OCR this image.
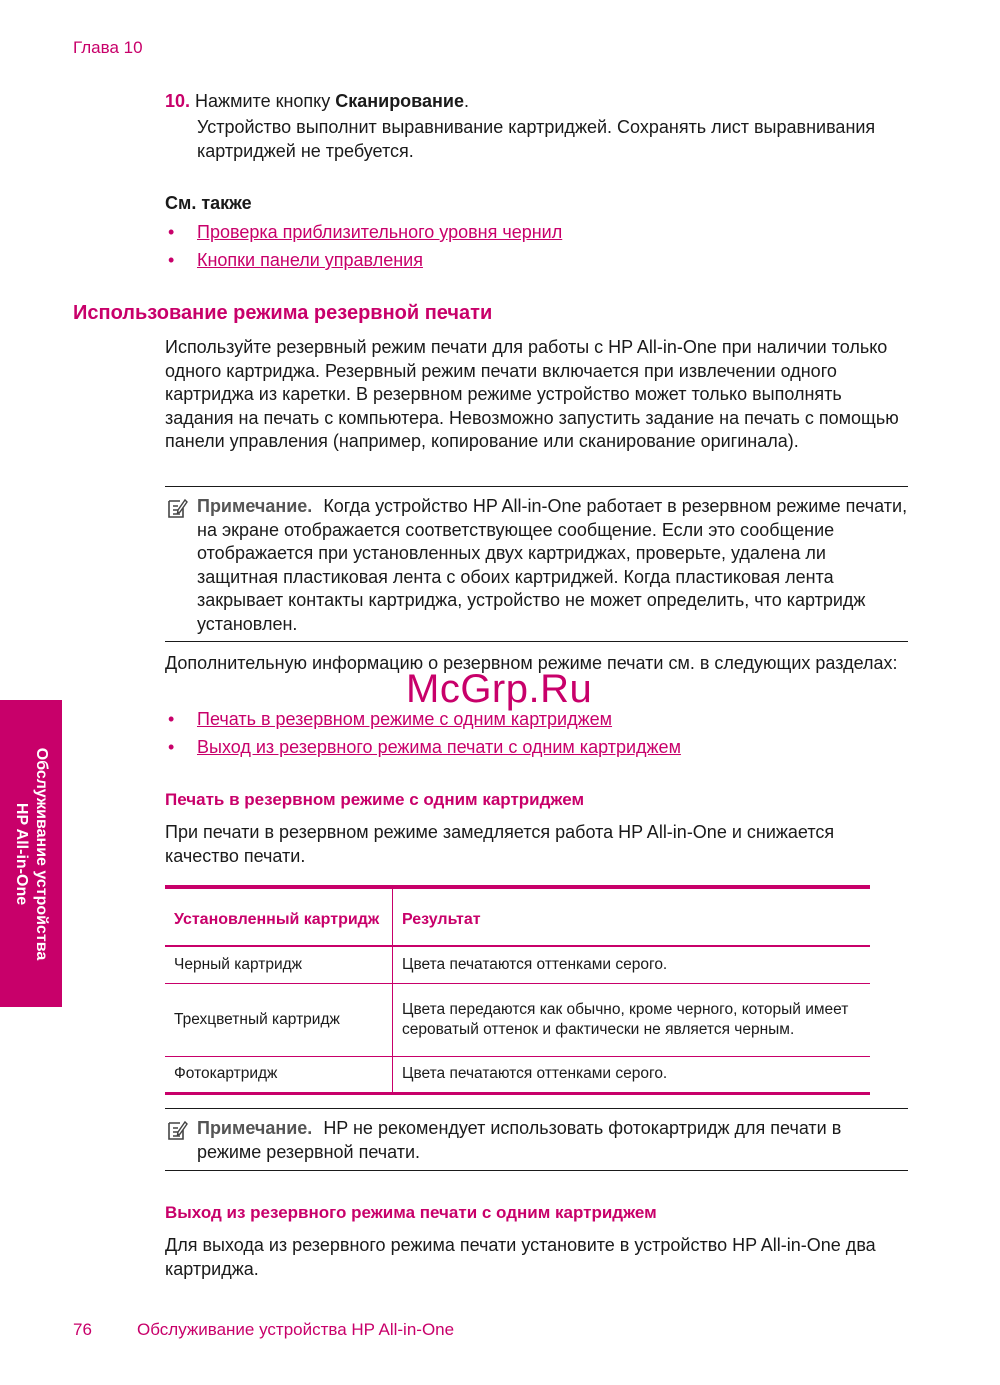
Глава 10
10. Нажмите кнопку Сканирование.
Устройство выполнит выравнивание картриджей. Сохранять лист выравнивания картриджей не требуется.
См. также
• Проверка приблизительного уровня чернил
• Кнопки панели управления
Использование режима резервной печати
Используйте резервный режим печати для работы с HP All-in-One при наличии только одного картриджа. Резервный режим печати включается при извлечении одного картриджа из каретки. В резервном режиме устройство может только выполнять задания на печать с компьютера. Невозможно запустить задание на печать с помощью панели управления (например, копирование или сканирование оригинала).
Примечание. Когда устройство HP All-in-One работает в резервном режиме печати, на экране отображается соответствующее сообщение. Если это сообщение отображается при установленных двух картриджах, проверьте, удалена ли защитная пластиковая лента с обоих картриджей. Когда пластиковая лента закрывает контакты картриджа, устройство не может определить, что картридж установлен.
Дополнительную информацию о резервном режиме печати см. в следующих разделах:
• Печать в резервном режиме с одним картриджем
• Выход из резервного режима печати с одним картриджем
McGrp.Ru
Печать в резервном режиме с одним картриджем
При печати в резервном режиме замедляется работа HP All-in-One и снижается качество печати.
Установленный картридж	Результат
Черный картридж	Цвета печатаются оттенками серого.
Трехцветный картридж	Цвета передаются как обычно, кроме черного, который имеет сероватый оттенок и фактически не является черным.
Фотокартридж	Цвета печатаются оттенками серого.
Примечание. HP не рекомендует использовать фотокартридж для печати в режиме резервной печати.
Выход из резервного режима печати с одним картриджем
Для выхода из резервного режима печати установите в устройство HP All-in-One два картриджа.
Обслуживание устройства
HP All-in-One
76	Обслуживание устройства HP All-in-One
